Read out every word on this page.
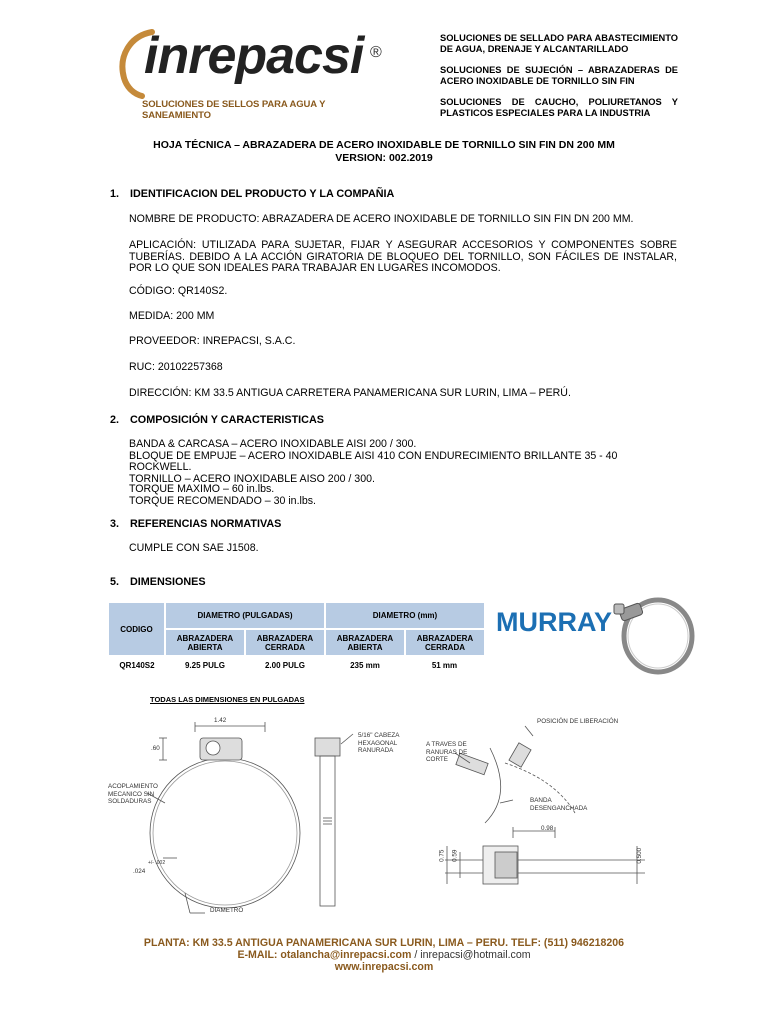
inrepacsi ®
SOLUCIONES DE SELLOS PARA AGUA Y SANEAMIENTO

SOLUCIONES DE SELLADO PARA ABASTECIMIENTO DE AGUA, DRENAJE Y ALCANTARILLADO

SOLUCIONES DE SUJECIÓN – ABRAZADERAS DE ACERO INOXIDABLE DE TORNILLO SIN FIN

SOLUCIONES DE CAUCHO, POLIURETANOS Y PLASTICOS ESPECIALES PARA LA INDUSTRIA

HOJA TÉCNICA – ABRAZADERA DE ACERO INOXIDABLE DE TORNILLO SIN FIN DN 200 MM
VERSION: 002.2019
1. IDENTIFICACION DEL PRODUCTO Y LA COMPAÑIA
NOMBRE DE PRODUCTO: ABRAZADERA DE ACERO INOXIDABLE DE TORNILLO SIN FIN DN 200 MM.
APLICACIÓN: UTILIZADA PARA SUJETAR, FIJAR Y ASEGURAR ACCESORIOS Y COMPONENTES SOBRE TUBERÍAS. DEBIDO A LA ACCIÓN GIRATORIA DE BLOQUEO DEL TORNILLO, SON FÁCILES DE INSTALAR, POR LO QUE SON IDEALES PARA TRABAJAR EN LUGARES INCOMODOS.
CÓDIGO: QR140S2.
MEDIDA: 200 MM
PROVEEDOR: INREPACSI, S.A.C.
RUC: 20102257368
DIRECCIÓN: KM 33.5 ANTIGUA CARRETERA PANAMERICANA SUR LURIN, LIMA – PERÚ.
2. COMPOSICIÓN Y CARACTERISTICAS
BANDA & CARCASA – ACERO INOXIDABLE AISI 200 / 300.
BLOQUE DE EMPUJE – ACERO INOXIDABLE AISI 410 CON ENDURECIMIENTO BRILLANTE 35 - 40 ROCKWELL.
TORNILLO – ACERO INOXIDABLE AISO 200 / 300.
TORQUE MAXIMO – 60 in.lbs.
TORQUE RECOMENDADO – 30 in.lbs.
3. REFERENCIAS NORMATIVAS
CUMPLE CON SAE J1508.
5. DIMENSIONES
CODIGO	DIAMETRO (PULGADAS)		DIAMETRO (mm)	
	ABRAZADERA ABIERTA	ABRAZADERA CERRADA	ABRAZADERA ABIERTA	ABRAZADERA CERRADA
QR140S2	9.25 PULG	2.00 PULG	235 mm	51 mm
MURRAY
TODAS LAS DIMENSIONES EN PULGADAS
1.42
.60
ACOPLAMIENTO MECANICO SIN SOLDADURAS
+/- .002
.024
DIAMETRO
5/16" CABEZA HEXAGONAL RANURADA
POSICIÓN DE LIBERACIÓN
A TRAVES DE RANURAS DE CORTE
BANDA DESENGANCHADA
0.98
0.75 0.59	0.500
PLANTA: KM 33.5 ANTIGUA PANAMERICANA SUR LURIN, LIMA – PERU. TELF: (511) 946218206
E-MAIL: otalancha@inrepacsi.com / inrepacsi@hotmail.com
www.inrepacsi.com
